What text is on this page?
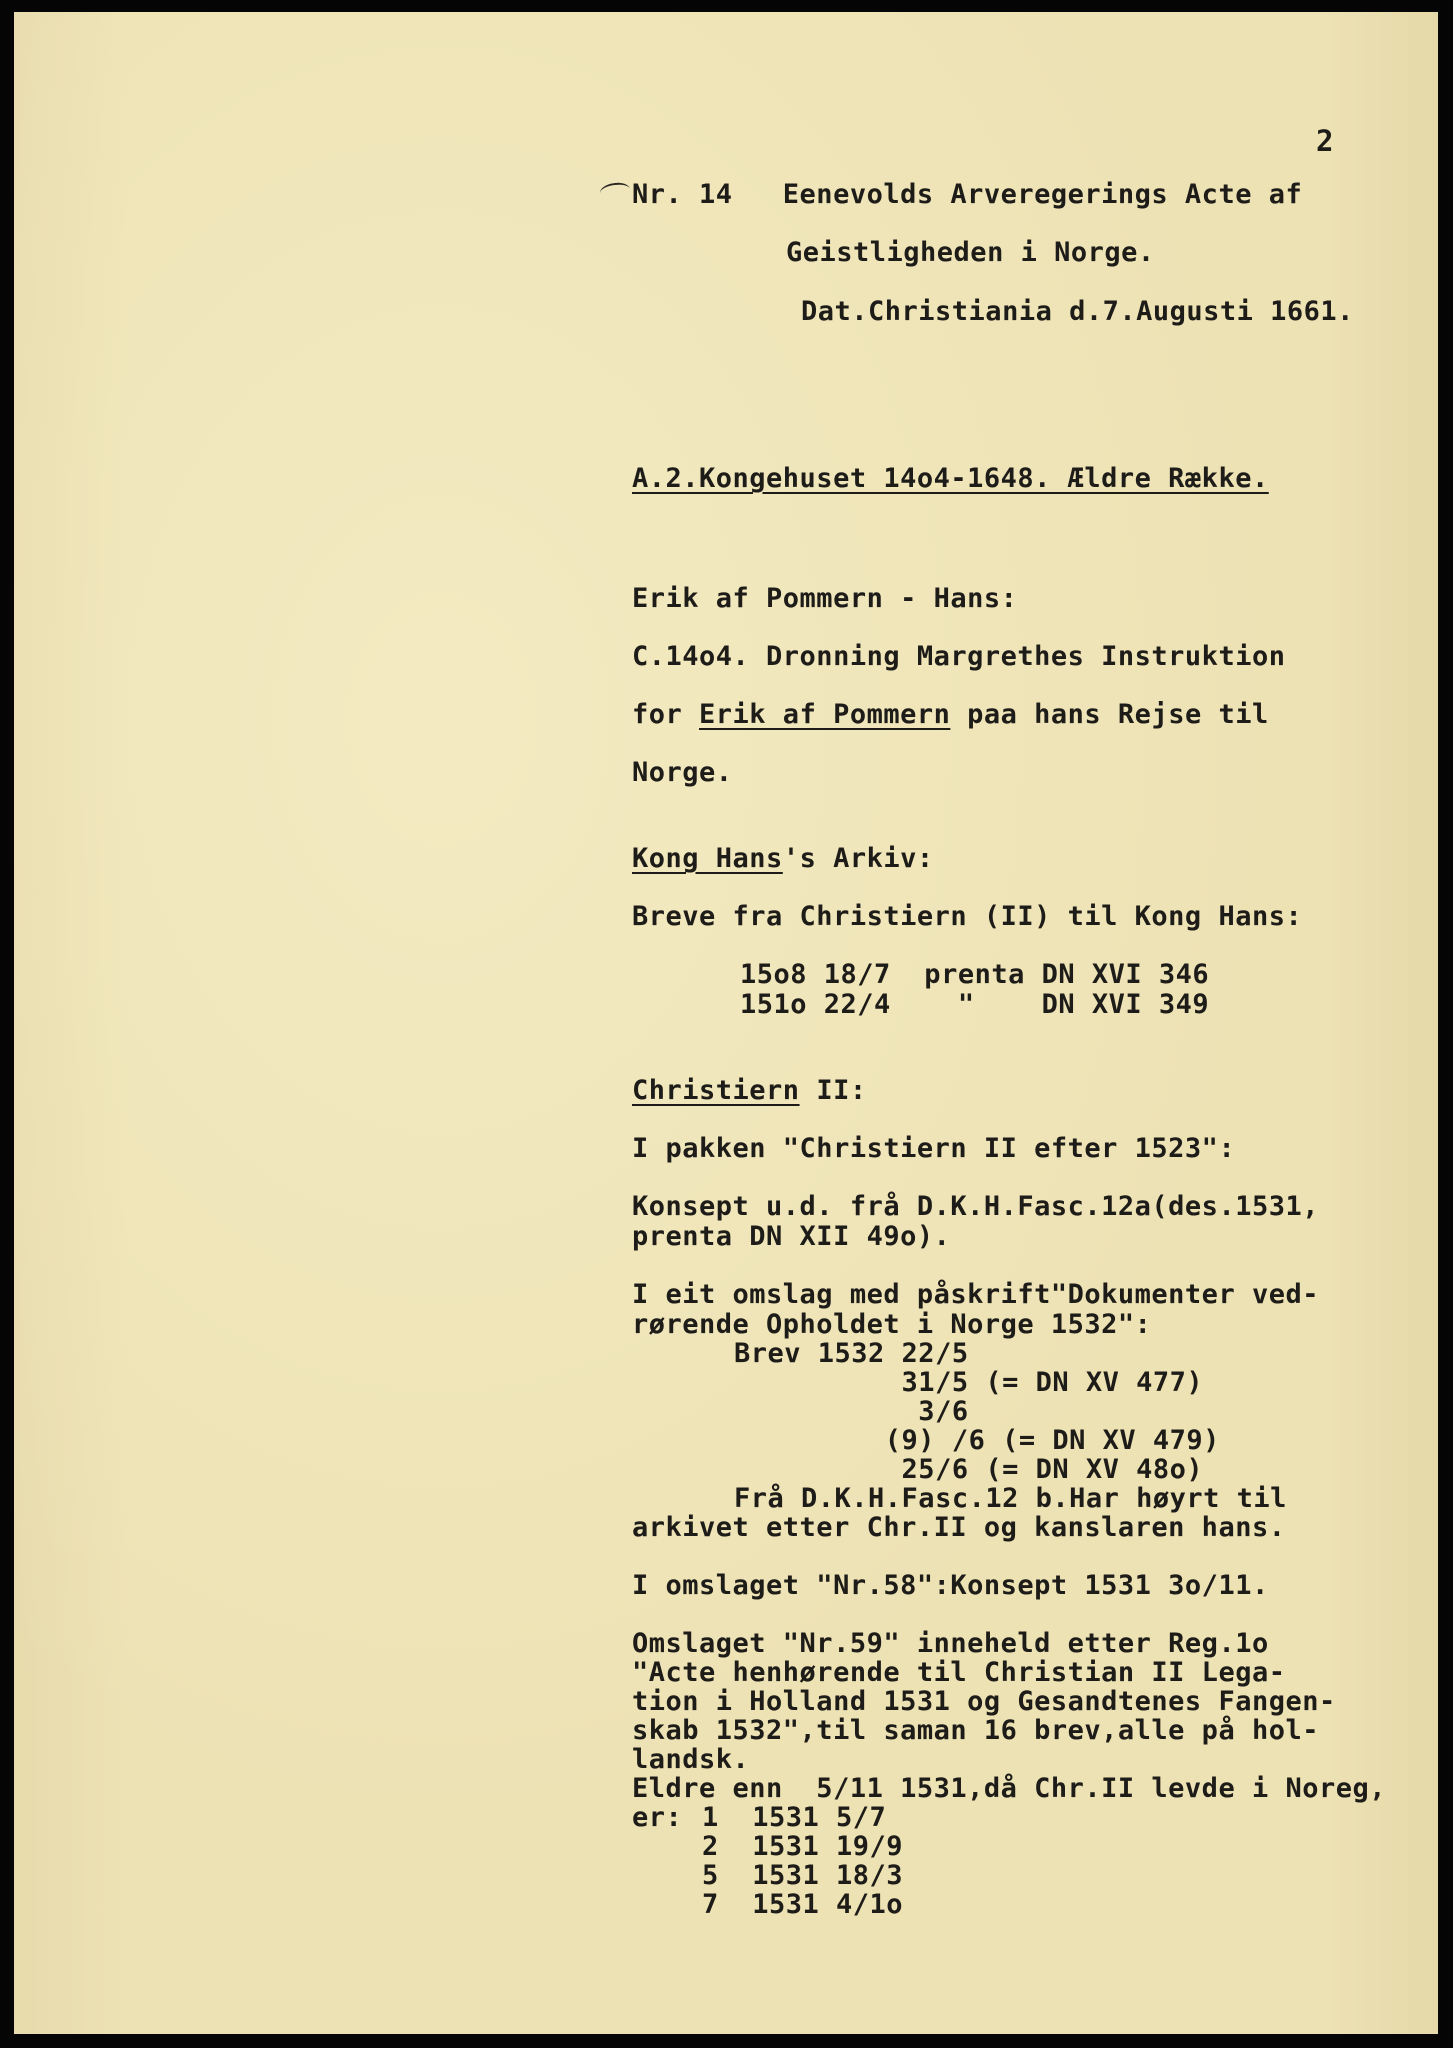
2
Nr. 14   Eenevolds Arveregerings Acte af
Geistligheden i Norge.
Dat.Christiania d.7.Augusti 1661.
A.2.Kongehuset 14o4-1648. Ældre Række.
Erik af Pommern - Hans:
C.14o4. Dronning Margrethes Instruktion
for Erik af Pommern paa hans Rejse til
Norge.
Kong Hans's Arkiv:
Breve fra Christiern (II) til Kong Hans:
15o8 18/7  prenta DN XVI 346
151o 22/4    "    DN XVI 349
Christiern II:
I pakken "Christiern II efter 1523":
Konsept u.d. frå D.K.H.Fasc.12a(des.1531,
prenta DN XII 49o).
I eit omslag med påskrift"Dokumenter ved-
rørende Opholdet i Norge 1532":
Brev 1532 22/5
31/5 (= DN XV 477)
3/6
(9) /6 (= DN XV 479)
25/6 (= DN XV 48o)
Frå D.K.H.Fasc.12 b.Har høyrt til
arkivet etter Chr.II og kanslaren hans.
I omslaget "Nr.58":Konsept 1531 3o/11.
Omslaget "Nr.59" inneheld etter Reg.1o
"Acte henhørende til Christian II Lega-
tion i Holland 1531 og Gesandtenes Fangen-
skab 1532",til saman 16 brev,alle på hol-
landsk.
Eldre enn  5/11 1531,då Chr.II levde i Noreg,
er: 1  1531 5/7
2  1531 19/9
5  1531 18/3
7  1531 4/1o
